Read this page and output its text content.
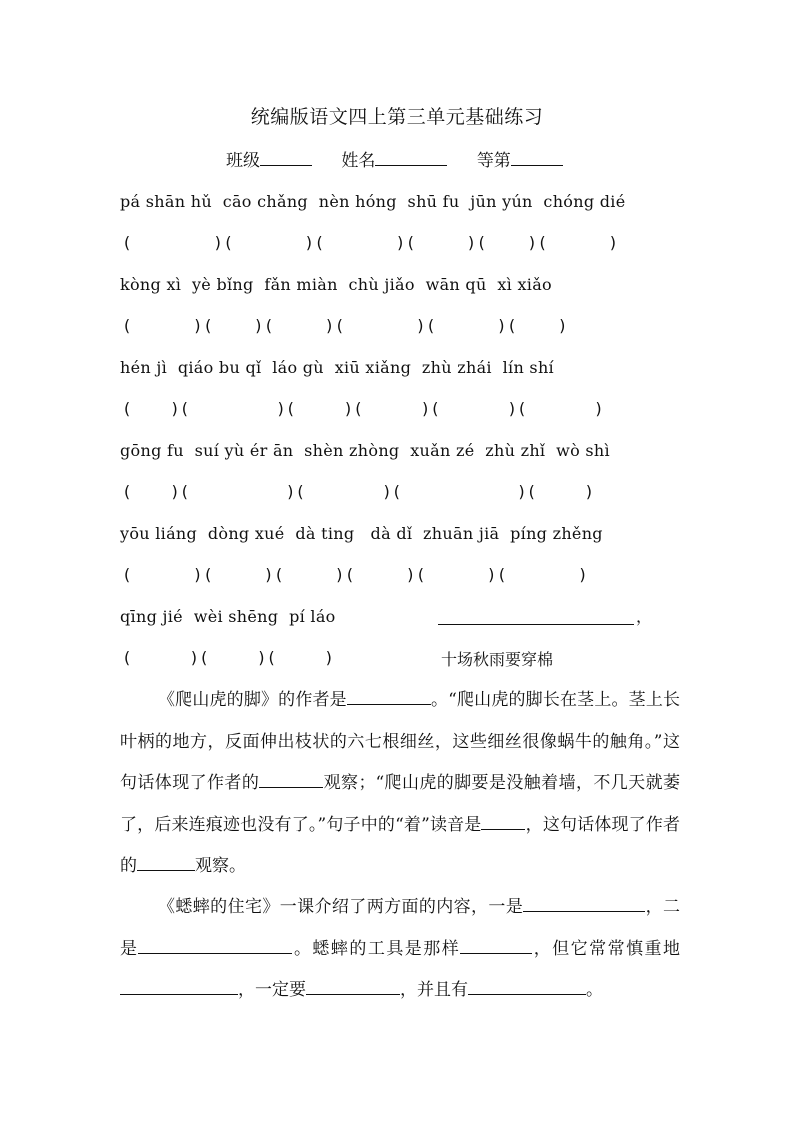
统编版语文四上第三单元基础练习
班级	姓名	等第
pá shān hǔ  cāo chǎng  nèn hóng  shū fu  jūn yún  chóng dié
(        )(       )(       )(     )(    )(      )
kòng xì  yè bǐng  fǎn miàn  chù jiǎo  wān qū  xì xiǎo
(      )(    )(     )(       )(      )(    )
hén jì  qiáo bu qǐ  láo gù  xiū xiǎng  zhù zhái  lín shí
(    )(         )(     )(      )(       )(       )
gōng fu  suí yù ér ān  shèn zhòng  xuǎn zé  zhù zhǐ  wò shì
(    )(          )(        )(            )(     )
yōu liáng  dòng xué  dà ting   dà dǐ  zhuān jiā  píng zhěng
(      )(     )(     )(     )(      )(       )
qīng jié  wèi shēng  pí láo
(      )(     )(     )
，
十场秋雨要穿棉
《爬山虎的脚》的作者是	。“爬山虎的脚长在茎上。茎上长叶柄的地方，反面伸出枝状的六七根细丝，这些细丝很像蜗牛的触角。”这句话体现了作者的	观察；“爬山虎的脚要是没触着墙，不几天就萎了，后来连痕迹也没有了。”句子中的“着”读音是	，这句话体现了作者的	观察。
《蟋蟀的住宅》一课介绍了两方面的内容，一是	，二是	。蟋蟀的工具是那样	，但它常常慎重地，一定要	，并且有	。
